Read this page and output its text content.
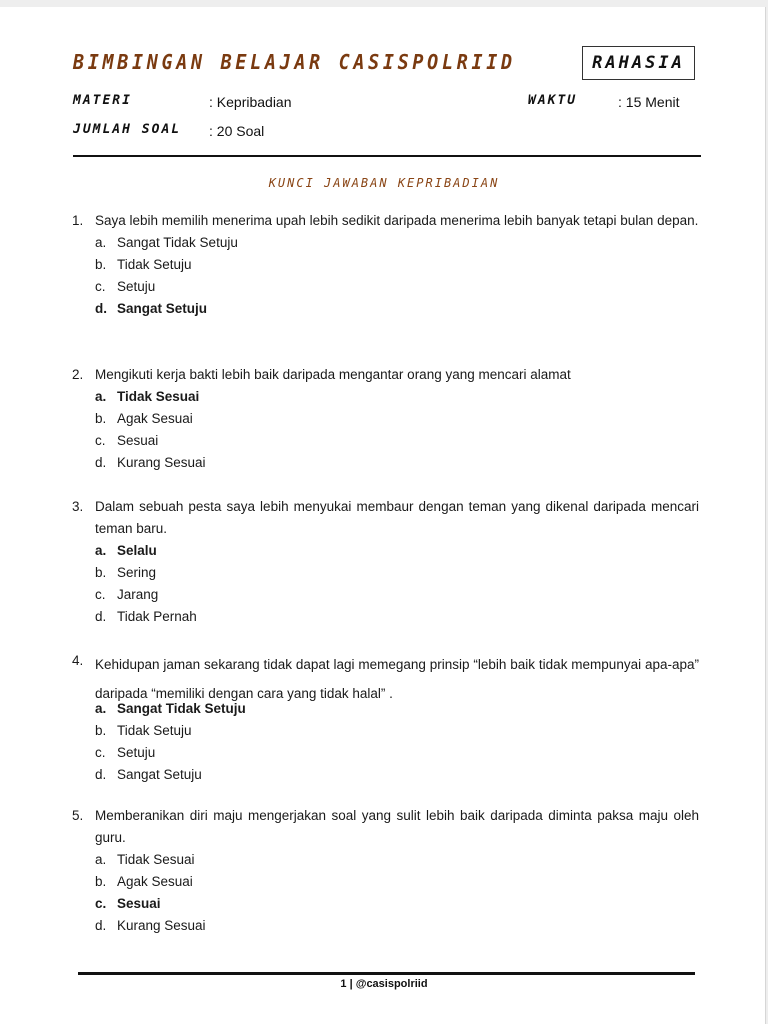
BIMBINGAN BELAJAR CASISPOLRIID	RAHASIA
MATERI	: Kepribadian	WAKTU	: 15 Menit
JUMLAH SOAL : 20 Soal
KUNCI JAWABAN KEPRIBADIAN
1. Saya lebih memilih menerima upah lebih sedikit daripada menerima lebih banyak tetapi bulan depan.
a. Sangat Tidak Setuju
b. Tidak Setuju
c. Setuju
d. Sangat Setuju
2. Mengikuti kerja bakti lebih baik daripada mengantar orang yang mencari alamat
a. Tidak Sesuai
b. Agak Sesuai
c. Sesuai
d. Kurang Sesuai
3. Dalam sebuah pesta saya lebih menyukai membaur dengan teman yang dikenal daripada mencari teman baru.
a. Selalu
b. Sering
c. Jarang
d. Tidak Pernah
4. Kehidupan jaman sekarang tidak dapat lagi memegang prinsip “lebih baik tidak mempunyai apa-apa” daripada “memiliki dengan cara yang tidak halal” .
a. Sangat Tidak Setuju
b. Tidak Setuju
c. Setuju
d. Sangat Setuju
5. Memberanikan diri maju mengerjakan soal yang sulit lebih baik daripada diminta paksa maju oleh guru.
a. Tidak Sesuai
b. Agak Sesuai
c. Sesuai
d. Kurang Sesuai
1 | @casispolriid
